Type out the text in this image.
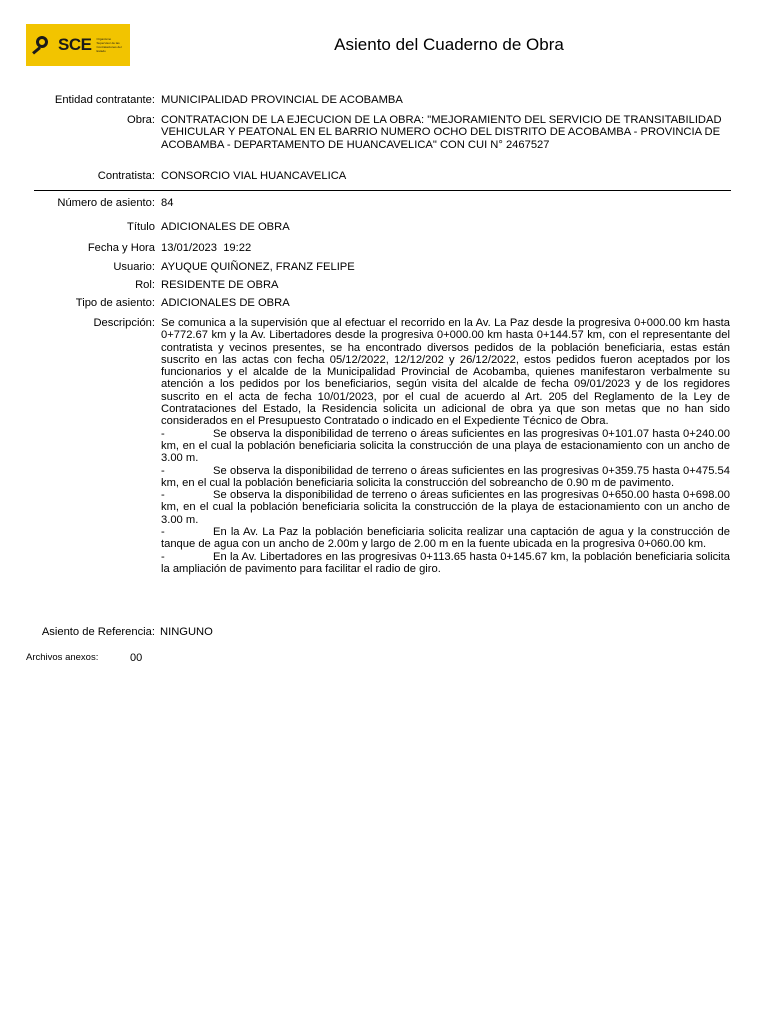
SCE Organismo Supervisor de las Contrataciones del Estado	Asiento del Cuaderno de Obra
Entidad contratante: MUNICIPALIDAD PROVINCIAL DE ACOBAMBA
Obra: CONTRATACION DE LA EJECUCION DE LA OBRA: "MEJORAMIENTO DEL SERVICIO DE TRANSITABILIDAD VEHICULAR Y PEATONAL EN EL BARRIO NUMERO OCHO DEL DISTRITO DE ACOBAMBA - PROVINCIA DE ACOBAMBA - DEPARTAMENTO DE HUANCAVELICA" CON CUI N° 2467527
Contratista: CONSORCIO VIAL HUANCAVELICA
Número de asiento: 84
Título ADICIONALES DE OBRA
Fecha y Hora 13/01/2023  19:22
Usuario: AYUQUE QUIÑONEZ, FRANZ FELIPE
Rol: RESIDENTE DE OBRA
Tipo de asiento: ADICIONALES DE OBRA
Descripción: Se comunica a la supervisión que al efectuar el recorrido en la Av. La Paz desde la progresiva 0+000.00 km hasta 0+772.67 km y la Av. Libertadores desde la progresiva 0+000.00 km hasta 0+144.57 km, con el representante del contratista y vecinos presentes, se ha encontrado diversos pedidos de la población beneficiaria, estas están suscrito en las actas con fecha 05/12/2022, 12/12/202 y 26/12/2022, estos pedidos fueron aceptados por los funcionarios y el alcalde de la Municipalidad Provincial de Acobamba, quienes manifestaron verbalmente su atención a los pedidos por los beneficiarios, según visita del alcalde de fecha 09/01/2023 y de los regidores suscrito en el acta de fecha 10/01/2023, por el cual de acuerdo al Art. 205 del Reglamento de la Ley de Contrataciones del Estado, la Residencia solicita un adicional de obra ya que son metas que no han sido considerados en el Presupuesto Contratado o indicado en el Expediente Técnico de Obra.

-	Se observa la disponibilidad de terreno o áreas suficientes en las progresivas 0+101.07 hasta 0+240.00 km, en el cual la población beneficiaria solicita la construcción de una playa de estacionamiento con un ancho de 3.00 m.
-	Se observa la disponibilidad de terreno o áreas suficientes en las progresivas 0+359.75 hasta 0+475.54 km, en el cual la población beneficiaria solicita la construcción del sobreancho de 0.90 m de pavimento.
-	Se observa la disponibilidad de terreno o áreas suficientes en las progresivas 0+650.00 hasta 0+698.00 km, en el cual la población beneficiaria solicita la construcción de la playa de estacionamiento con un ancho de 3.00 m.
-	En la Av. La Paz la población beneficiaria solicita realizar una captación de agua y la construcción de tanque de agua con un ancho de 2.00m y largo de 2.00 m en la fuente ubicada en la progresiva 0+060.00 km.
-	En la Av. Libertadores en las progresivas 0+113.65 hasta 0+145.67 km, la población beneficiaria solicita la ampliación de pavimento para facilitar el radio de giro.
Asiento de Referencia: NINGUNO
Archivos anexos:	00
